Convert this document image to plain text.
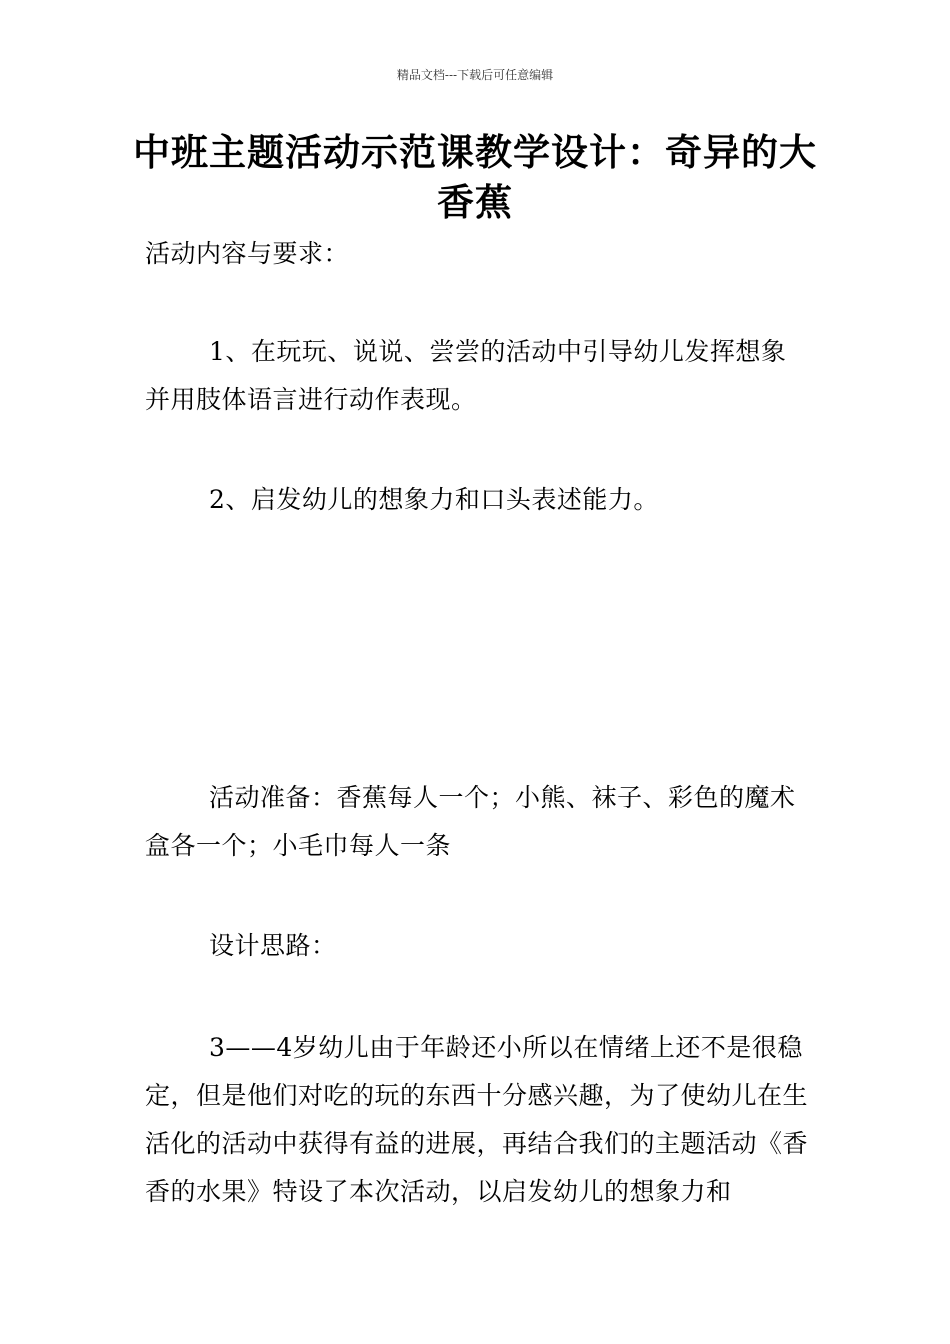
精品文档---下载后可任意编辑
中班主题活动示范课教学设计：奇异的大香蕉

活动内容与要求：

1、在玩玩、说说、尝尝的活动中引导幼儿发挥想象并用肢体语言进行动作表现。

2、启发幼儿的想象力和口头表述能力。

活动准备：香蕉每人一个；小熊、袜子、彩色的魔术盒各一个；小毛巾每人一条

设计思路：

3——4岁幼儿由于年龄还小所以在情绪上还不是很稳定，但是他们对吃的玩的东西十分感兴趣，为了使幼儿在生活化的活动中获得有益的进展，再结合我们的主题活动《香香的水果》特设了本次活动，以启发幼儿的想象力和
